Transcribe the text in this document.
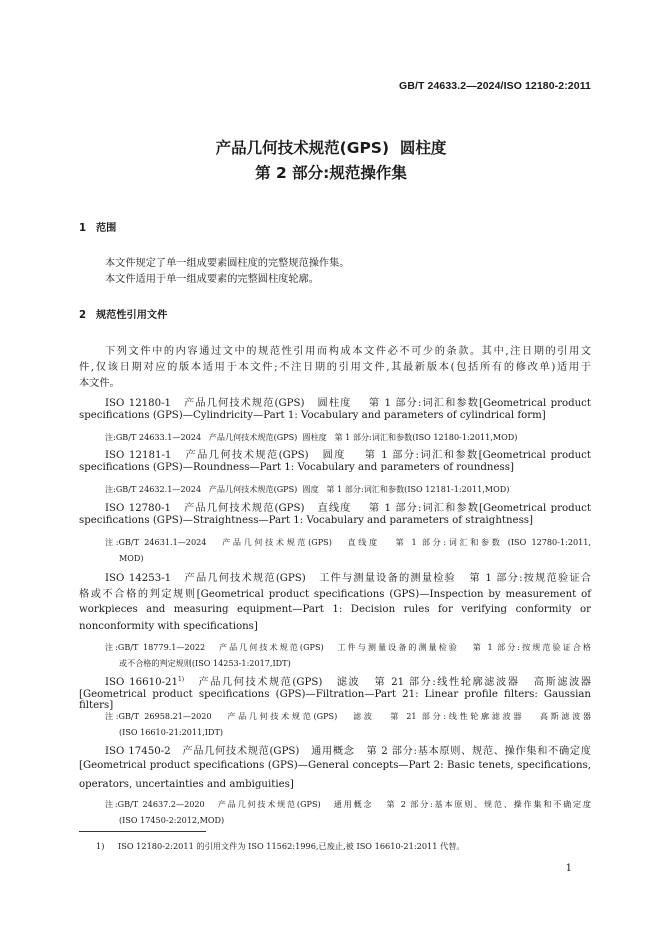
GB/T 24633.2—2024/ISO 12180-2:2011
产品几何技术规范(GPS)  圆柱度
第 2 部分:规范操作集
1 范围
本文件规定了单一组成要素圆柱度的完整规范操作集。
本文件适用于单一组成要素的完整圆柱度轮廓。
2 规范性引用文件
下列文件中的内容通过文中的规范性引用而构成本文件必不可少的条款。其中,注日期的引用文
件,仅该日期对应的版本适用于本文件;不注日期的引用文件,其最新版本(包括所有的修改单)适用于
本文件。
ISO 12180-1   产品几何技术规范(GPS)   圆柱度    第 1 部分:词汇和参数[Geometrical product
specifications (GPS)—Cylindricity—Part 1: Vocabulary and parameters of cylindrical form]
注:GB/T 24633.1—2024   产品几何技术规范(GPS)  圆柱度   第 1 部分:词汇和参数(ISO 12180-1:2011,MOD)
ISO 12181-1   产品几何技术规范(GPS)   圆度    第 1 部分:词汇和参数[Geometrical product
specifications (GPS)—Roundness—Part 1: Vocabulary and parameters of roundness]
注:GB/T 24632.1—2024   产品几何技术规范(GPS)  圆度   第 1 部分:词汇和参数(ISO 12181-1:2011,MOD)
ISO 12780-1   产品几何技术规范(GPS)   直线度    第 1 部分:词汇和参数[Geometrical product
specifications (GPS)—Straightness—Part 1: Vocabulary and parameters of straightness]
注:GB/T 24631.1—2024   产品几何技术规范(GPS)   直线度   第 1 部分:词汇和参数 (ISO 12780-1:2011,
MOD)
ISO 14253-1   产品几何技术规范(GPS)   工件与测量设备的测量检验   第 1 部分:按规范验证合
格或不合格的判定规则[Geometrical product specifications (GPS)—Inspection by measurement of
workpieces and measuring equipment—Part 1: Decision rules for verifying conformity or
nonconformity with specifications]
注:GB/T 18779.1—2022   产品几何技术规范(GPS)   工件与测量设备的测量检验   第 1 部分:按规范验证合格
或不合格的判定规则(ISO 14253-1:2017,IDT)
ISO 16610-21$^{1)}$   产品几何技术规范(GPS)   滤波   第 21 部分:线性轮廓滤波器   高斯滤波器
[Geometrical product specifications (GPS)—Filtration—Part 21: Linear profile filters: Gaussian filters]
注:GB/T 26958.21—2020   产品几何技术规范(GPS)   滤波   第 21 部分:线性轮廓滤波器   高斯滤波器
(ISO 16610-21:2011,IDT)
ISO 17450-2   产品几何技术规范(GPS)   通用概念   第 2 部分:基本原则、规范、操作集和不确定度
[Geometrical product specifications (GPS)—General concepts—Part 2: Basic tenets, specifications,
operators, uncertainties and ambiguities]
注:GB/T 24637.2—2020   产品几何技术规范(GPS)   通用概念   第 2 部分:基本原则、规范、操作集和不确定度
(ISO 17450-2:2012,MOD)
1) ISO 12180-2:2011 的引用文件为 ISO 11562:1996,已废止,被 ISO 16610-21:2011 代替。
1
